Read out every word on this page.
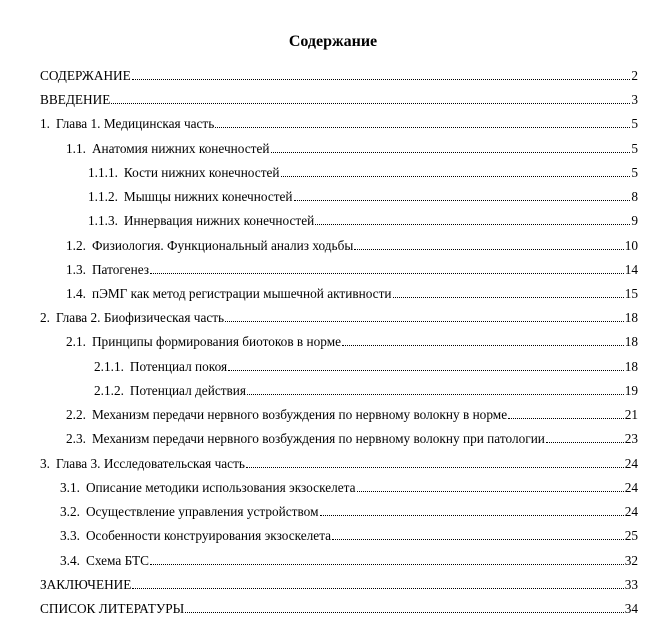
Содержание
СОДЕРЖАНИЕ	2
ВВЕДЕНИЕ	3
1. Глава 1. Медицинская часть	5
1.1. Анатомия нижних конечностей	5
1.1.1. Кости нижних конечностей	5
1.1.2. Мышцы нижних конечностей	8
1.1.3. Иннервация нижних конечностей	9
1.2. Физиология. Функциональный анализ ходьбы	10
1.3. Патогенез	14
1.4. пЭМГ как метод регистрации мышечной активности	15
2. Глава 2. Биофизическая часть	18
2.1. Принципы формирования биотоков в норме	18
2.1.1. Потенциал покоя	18
2.1.2. Потенциал действия	19
2.2. Механизм передачи нервного возбуждения по нервному волокну в норме	21
2.3. Механизм передачи нервного возбуждения по нервному волокну при патологии	23
3. Глава 3. Исследовательская часть	24
3.1. Описание методики использования экзоскелета	24
3.2. Осуществление управления устройством	24
3.3. Особенности конструирования экзоскелета	25
3.4. Схема БТС	32
ЗАКЛЮЧЕНИЕ	33
СПИСОК ЛИТЕРАТУРЫ	34
